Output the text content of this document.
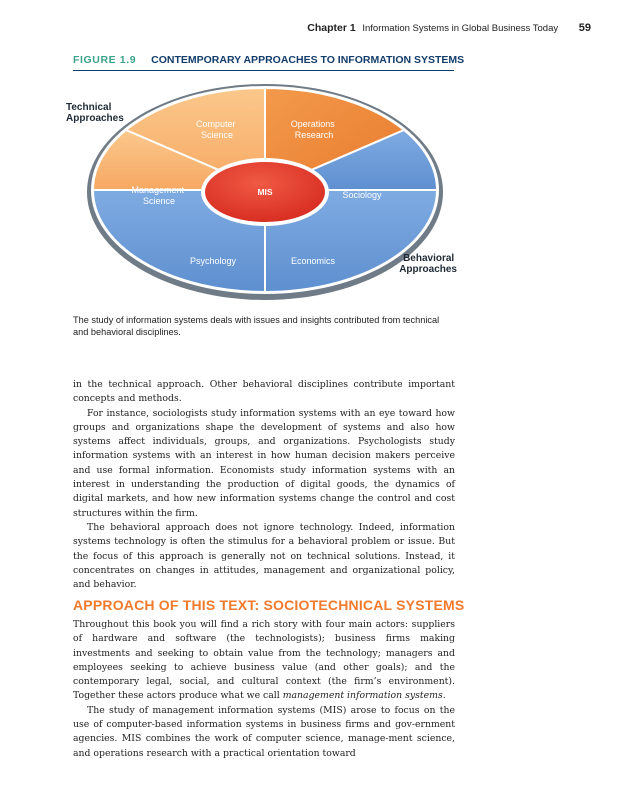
Chapter 1 Information Systems in Global Business Today 59
FIGURE 1.9 CONTEMPORARY APPROACHES TO INFORMATION SYSTEMS
Computer Science
Operations Research
Management Science
Sociology
Psychology	Economics
MIS
Technical Approaches
Behavioral Approaches
The study of information systems deals with issues and insights contributed from technical and behavioral disciplines.

in the technical approach. Other behavioral disciplines contribute important concepts and methods.

For instance, sociologists study information systems with an eye toward how groups and organizations shape the development of systems and also how systems affect individuals, groups, and organizations. Psychologists study information systems with an interest in how human decision makers perceive and use formal information. Economists study information systems with an interest in understanding the production of digital goods, the dynamics of digital markets, and how new information systems change the control and cost structures within the firm.

The behavioral approach does not ignore technology. Indeed, information systems technology is often the stimulus for a behavioral problem or issue. But the focus of this approach is generally not on technical solutions. Instead, it concentrates on changes in attitudes, management and organizational policy, and behavior.

APPROACH OF THIS TEXT: SOCIOTECHNICAL SYSTEMS

Throughout this book you will find a rich story with four main actors: suppliers of hardware and software (the technologists); business firms making investments and seeking to obtain value from the technology; managers and employees seeking to achieve business value (and other goals); and the contemporary legal, social, and cultural context (the firm’s environment). Together these actors produce what we call management information systems.

The study of management information systems (MIS) arose to focus on the use of computer-based information systems in business firms and gov-ernment agencies. MIS combines the work of computer science, manage-ment science, and operations research with a practical orientation toward
